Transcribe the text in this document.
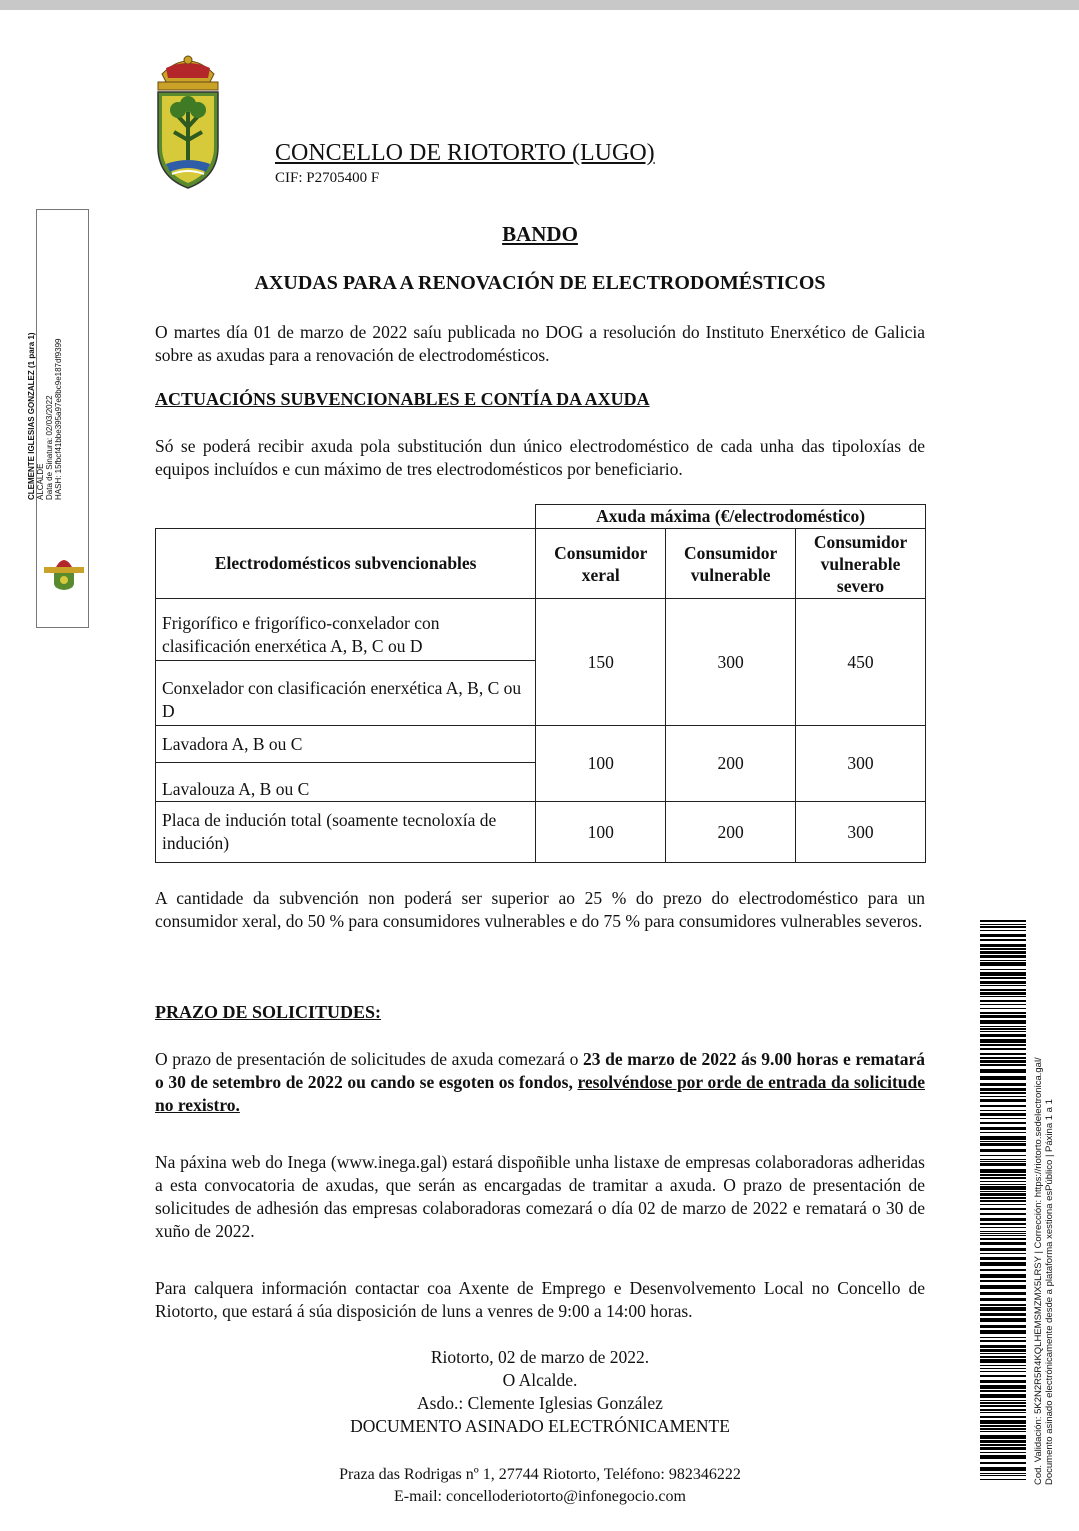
CONCELLO DE RIOTORTO (LUGO)
CIF: P2705400 F
CLEMENTE IGLESIAS GONZALEZ (1 para 1) ALCALDE Data de Sinatura: 02/03/2022 HASH: 15fbcf41bbe395a97e8bc9e187df9399
BANDO
AXUDAS PARA A RENOVACIÓN DE ELECTRODOMÉSTICOS
O martes día 01 de marzo de 2022 saíu publicada no DOG a resolución do Instituto Enerxético de Galicia sobre as axudas para a renovación de electrodomésticos.
ACTUACIÓNS SUBVENCIONABLES E CONTÍA DA AXUDA
Só se poderá recibir axuda pola substitución dun único electrodoméstico de cada unha das tipoloxías de equipos incluídos e cun máximo de tres electrodomésticos por beneficiario.
	Axuda máxima (€/electrodoméstico)		
Electrodomésticos subvencionables	Consumidor xeral	Consumidor vulnerable	Consumidor vulnerable severo
Frigorífico e frigorífico-conxelador con clasificación enerxética A, B, C ou D	150	300	450
Conxelador con clasificación enerxética A, B, C ou D			
Lavadora A, B ou C	100	200	300
Lavalouza A, B ou C			
Placa de indución total (soamente tecnoloxía de indución)	100	200	300
A cantidade da subvención non poderá ser superior ao 25 % do prezo do electrodoméstico para un consumidor xeral, do 50 % para consumidores vulnerables e do 75 % para consumidores vulnerables severos.
PRAZO DE SOLICITUDES:
O prazo de presentación de solicitudes de axuda comezará o 23 de marzo de 2022 ás 9.00 horas e rematará o 30 de setembro de 2022 ou cando se esgoten os fondos, resolvéndose por orde de entrada da solicitude no rexistro.
Na páxina web do Inega (www.inega.gal) estará dispoñible unha listaxe de empresas colaboradoras adheridas a esta convocatoria de axudas, que serán as encargadas de tramitar a axuda. O prazo de presentación de solicitudes de adhesión das empresas colaboradoras comezará o día 02 de marzo de 2022 e rematará o 30 de xuño de 2022.
Para calquera información contactar coa Axente de Emprego e Desenvolvemento Local no Concello de Riotorto, que estará á súa disposición de luns a venres de 9:00 a 14:00 horas.
Riotorto, 02 de marzo de 2022.
O Alcalde.
Asdo.: Clemente Iglesias González
DOCUMENTO ASINADO ELECTRÓNICAMENTE
Praza das Rodrigas nº 1, 27744 Riotorto, Teléfono: 982346222
E-mail: concelloderiotorto@infonegocio.com
Cod. Validación: 5K2N2R5R4KQLHEMSMZMX5LRSY | Corrección: https://riotorto.sedelectronica.gal/ Documento asinado electrónicamente desde a plataforma xestiona esPúblico | Páxina 1 a 1
